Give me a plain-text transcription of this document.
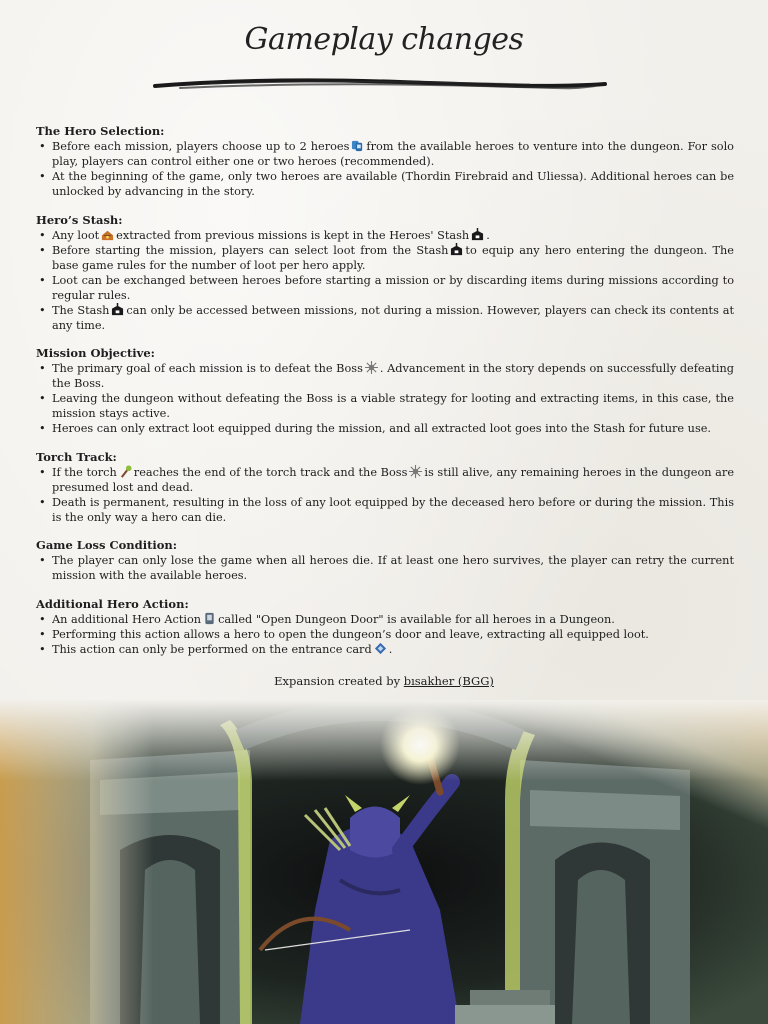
Gameplay changes
The Hero Selection:
• Before each mission, players choose up to 2 heroes from the available heroes to venture into the dungeon. For solo play, players can control either one or two heroes (recommended).
• At the beginning of the game, only two heroes are available (Thordin Firebraid and Uliessa). Additional heroes can be unlocked by advancing in the story.
Hero’s Stash:
• Any loot extracted from previous missions is kept in the Heroes' Stash .
• Before starting the mission, players can select loot from the Stash to equip any hero entering the dungeon. The base game rules for the number of loot per hero apply.
• Loot can be exchanged between heroes before starting a mission or by discarding items during missions according to regular rules.
• The Stash can only be accessed between missions, not during a mission. However, players can check its contents at any time.
Mission Objective:
• The primary goal of each mission is to defeat the Boss . Advancement in the story depends on successfully defeating the Boss.
• Leaving the dungeon without defeating the Boss is a viable strategy for looting and extracting items, in this case, the mission stays active.
• Heroes can only extract loot equipped during the mission, and all extracted loot goes into the Stash for future use.
Torch Track:
• If the torch reaches the end of the torch track and the Boss is still alive, any remaining heroes in the dungeon are presumed lost and dead.
• Death is permanent, resulting in the loss of any loot equipped by the deceased hero before or during the mission. This is the only way a hero can die.
Game Loss Condition:
• The player can only lose the game when all heroes die. If at least one hero survives, the player can retry the current mission with the available heroes.
Additional Hero Action:
• An additional Hero Action called "Open Dungeon Door" is available for all heroes in a Dungeon.
• Performing this action allows a hero to open the dungeon’s door and leave, extracting all equipped loot.
• This action can only be performed on the entrance card .
Expansion created by bısakher (BGG)
